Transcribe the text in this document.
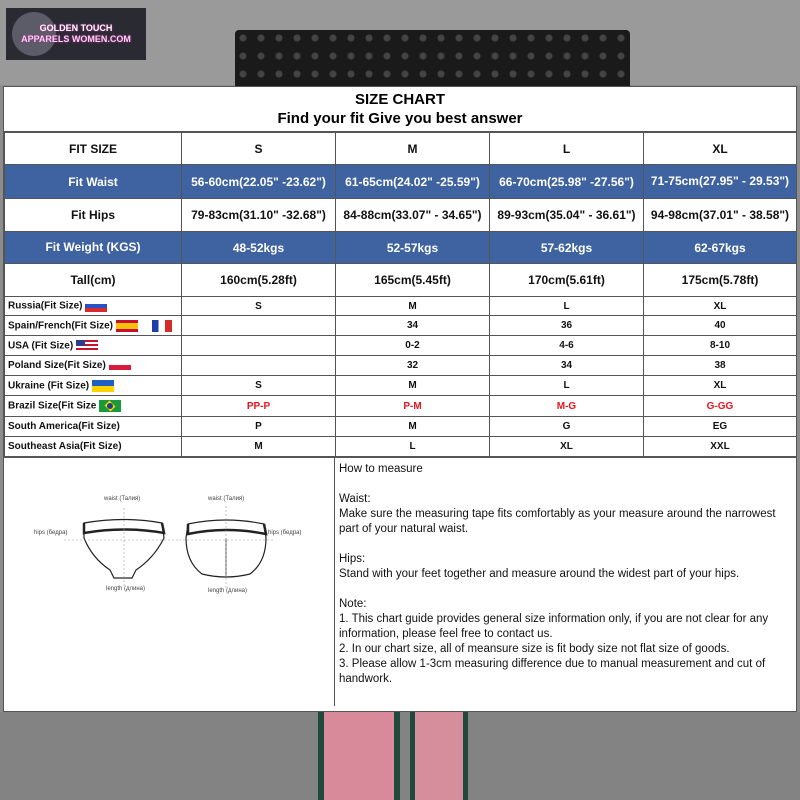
GOLDEN TOUCH
APPARELS WOMEN.COM
SIZE CHART
Find your fit Give you best answer
FIT SIZE	S	M	L	XL
Fit Waist	56-60cm(22.05" -23.62")	61-65cm(24.02" -25.59")	66-70cm(25.98" -27.56")	71-75cm(27.95" - 29.53")
Fit Hips	79-83cm(31.10" -32.68")	84-88cm(33.07" - 34.65")	89-93cm(35.04" - 36.61")	94-98cm(37.01" - 38.58")
Fit Weight (KGS)	48-52kgs	52-57kgs	57-62kgs	62-67kgs
Tall(cm)	160cm(5.28ft)	165cm(5.45ft)	170cm(5.61ft)	175cm(5.78ft)
Russia(Fit Size)	S	M	L	XL
Spain/French(Fit Size)		34	36	40
USA (Fit Size)		0-2	4-6	8-10
Poland Size(Fit Size)		32	34	38
Ukraine (Fit Size)	S	M	L	XL
Brazil Size(Fit Size	PP-P	P-M	M-G	G-GG
South America(Fit Size)	P	M	G	EG
Southeast Asia(Fit Size)	M	L	XL	XXL
waist (Талия)	waist (Талия)
hips (бедра)	hips (бедра)
length (длина)	length (длина)

How to measure

Waist:

Make sure the measuring tape fits comfortably as your measure around the narrowest part of your natural waist.

Hips:

Stand with your feet together and measure around the widest part of your hips.

Note:

1. This chart guide provides general size information only, if you are not clear for any information, please feel free to contact us.

2. In our chart size, all of meansure size is fit body size not flat size of goods.

3. Please allow 1-3cm measuring difference due to manual measurement and cut of handwork.
